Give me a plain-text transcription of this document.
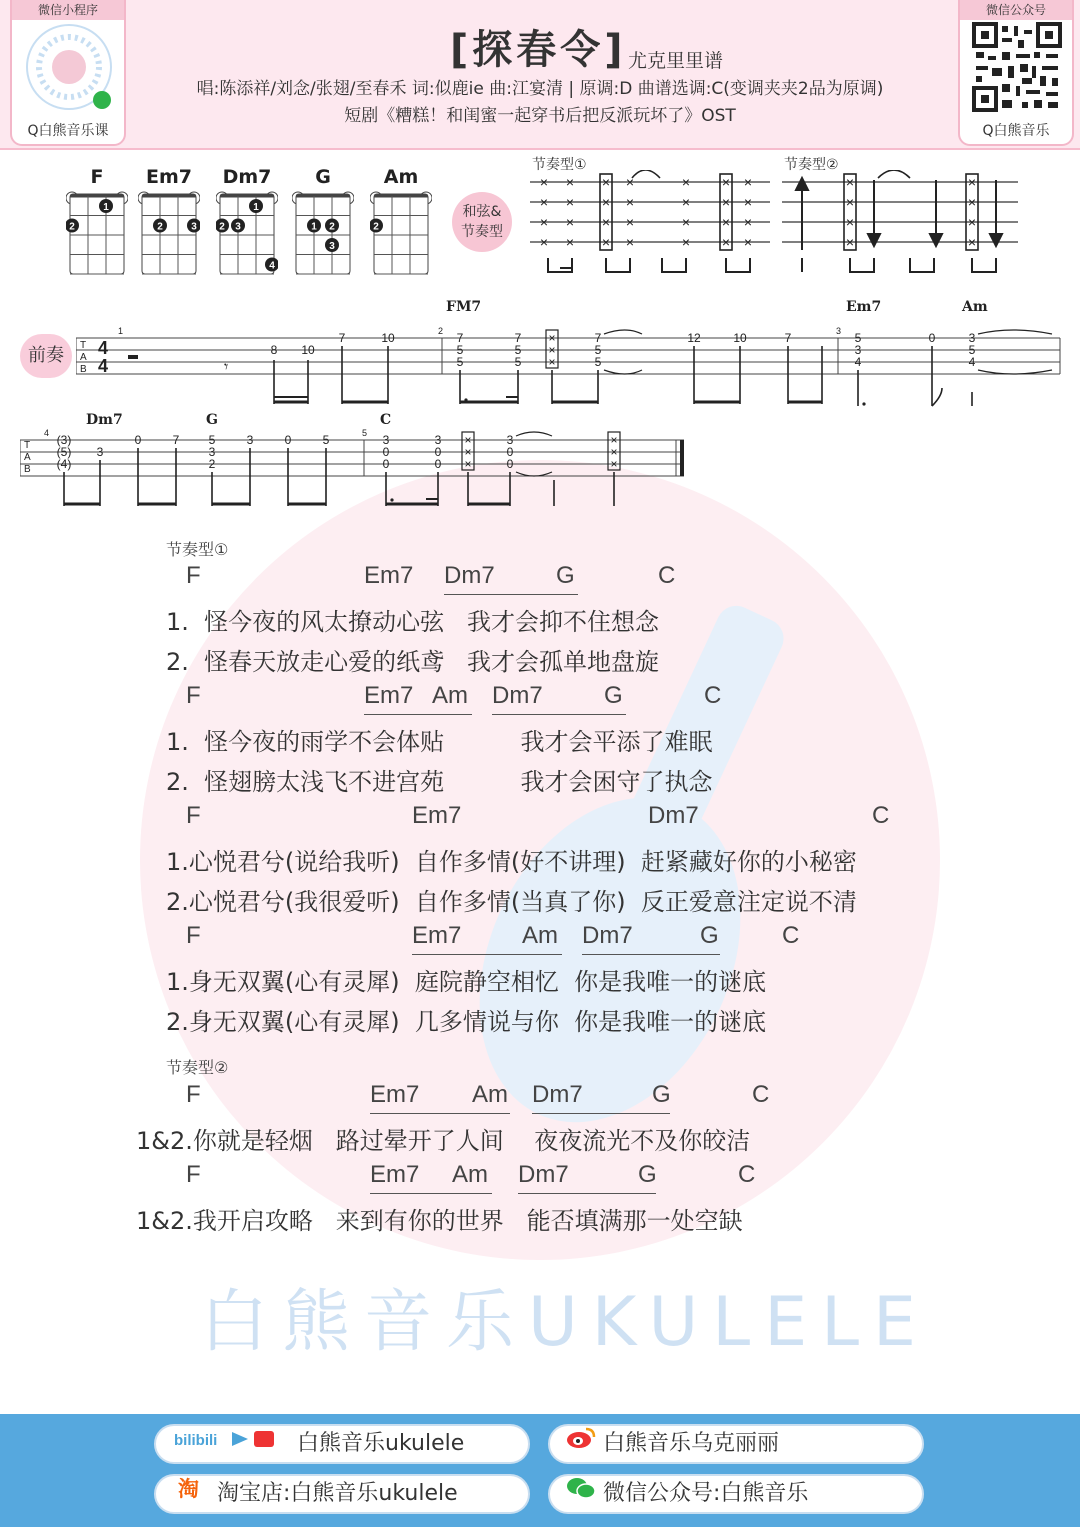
微信小程序
Q白熊音乐课
微信公众号
Q白熊音乐
[探春令] 尤克里里谱
唱:陈添祥/刘念/张翅/至春禾 词:似鹿ie 曲:江宴清 | 原调:D 曲谱选调:C(变调夹夹2品为原调)
短剧《糟糕！和闺蜜一起穿书后把反派玩坏了》OST
F
2
1
Em7
2	3
Dm7
2 3
1
4
G
1 2
3
Am
2
和弦&
节奏型
节奏型①
×
×
×
×
×
×
×
×
×
×
×
×
×
×
×
×
×
×
×
×
×
×
×
×
×
×
×
×
节奏型②
×
×
×
×
×
×
×
×
前奏
FM7	Em7	Am
T
A
B
4
4
1	2	3
𝄾
8 10
7	10	7
5
5
7
5
5
7
5
5
12	10	7	5
3
4
0	3
5
4
×
×
×
Dm7	G	C
T
A
B
4	5
(3)
(5)
(4)
3
0	7 5
3
2
3	0	5	3
0
0
3
0
0
3
0
0
×
×
×
×
×
×
节奏型①
F	Em7 Dm7	G	C
F	Em7 Am Dm7	G	C
F	Em7	Dm7	C
F	Em7	Am Dm7	G	C
F	Em7 Am Dm7	G	C
F	Em7 Am Dm7	G	C
1.  怪今夜的风太撩动心弦   我才会抑不住想念
2.  怪春天放走心爱的纸鸢   我才会孤单地盘旋
1.  怪今夜的雨学不会体贴          我才会平添了难眠
2.  怪翅膀太浅飞不进宫苑          我才会困守了执念
1.心悦君兮(说给我听)  自作多情(好不讲理)  赶紧藏好你的小秘密
2.心悦君兮(我很爱听)  自作多情(当真了你)  反正爱意注定说不清
1.身无双翼(心有灵犀)  庭院静空相忆  你是我唯一的谜底
2.身无双翼(心有灵犀)  几多情说与你  你是我唯一的谜底
1&2.你就是轻烟   路过晕开了人间    夜夜流光不及你皎洁
1&2.我开启攻略   来到有你的世界   能否填满那一处空缺
节奏型②
白熊音乐UKULELE
bilibili	白熊音乐ukulele	白熊音乐乌克丽丽
淘 淘宝店:白熊音乐ukulele	微信公众号:白熊音乐
